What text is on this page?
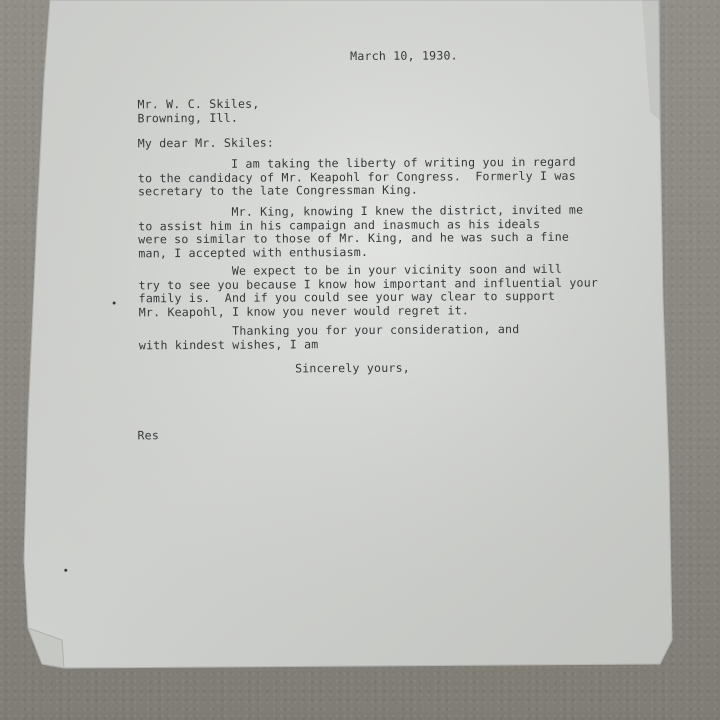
March 10, 1930.
Mr. W. C. Skiles,
Browning, Ill.
My dear Mr. Skiles:
I am taking the liberty of writing you in regard
to the candidacy of Mr. Keapohl for Congress.  Formerly I was
secretary to the late Congressman King.
Mr. King, knowing I knew the district, invited me
to assist him in his campaign and inasmuch as his ideals
were so similar to those of Mr. King, and he was such a fine
man, I accepted with enthusiasm.
We expect to be in your vicinity soon and will
try to see you because I know how important and influential your
family is.  And if you could see your way clear to support
Mr. Keapohl, I know you never would regret it.
Thanking you for your consideration, and
with kindest wishes, I am
Sincerely yours,
Res
